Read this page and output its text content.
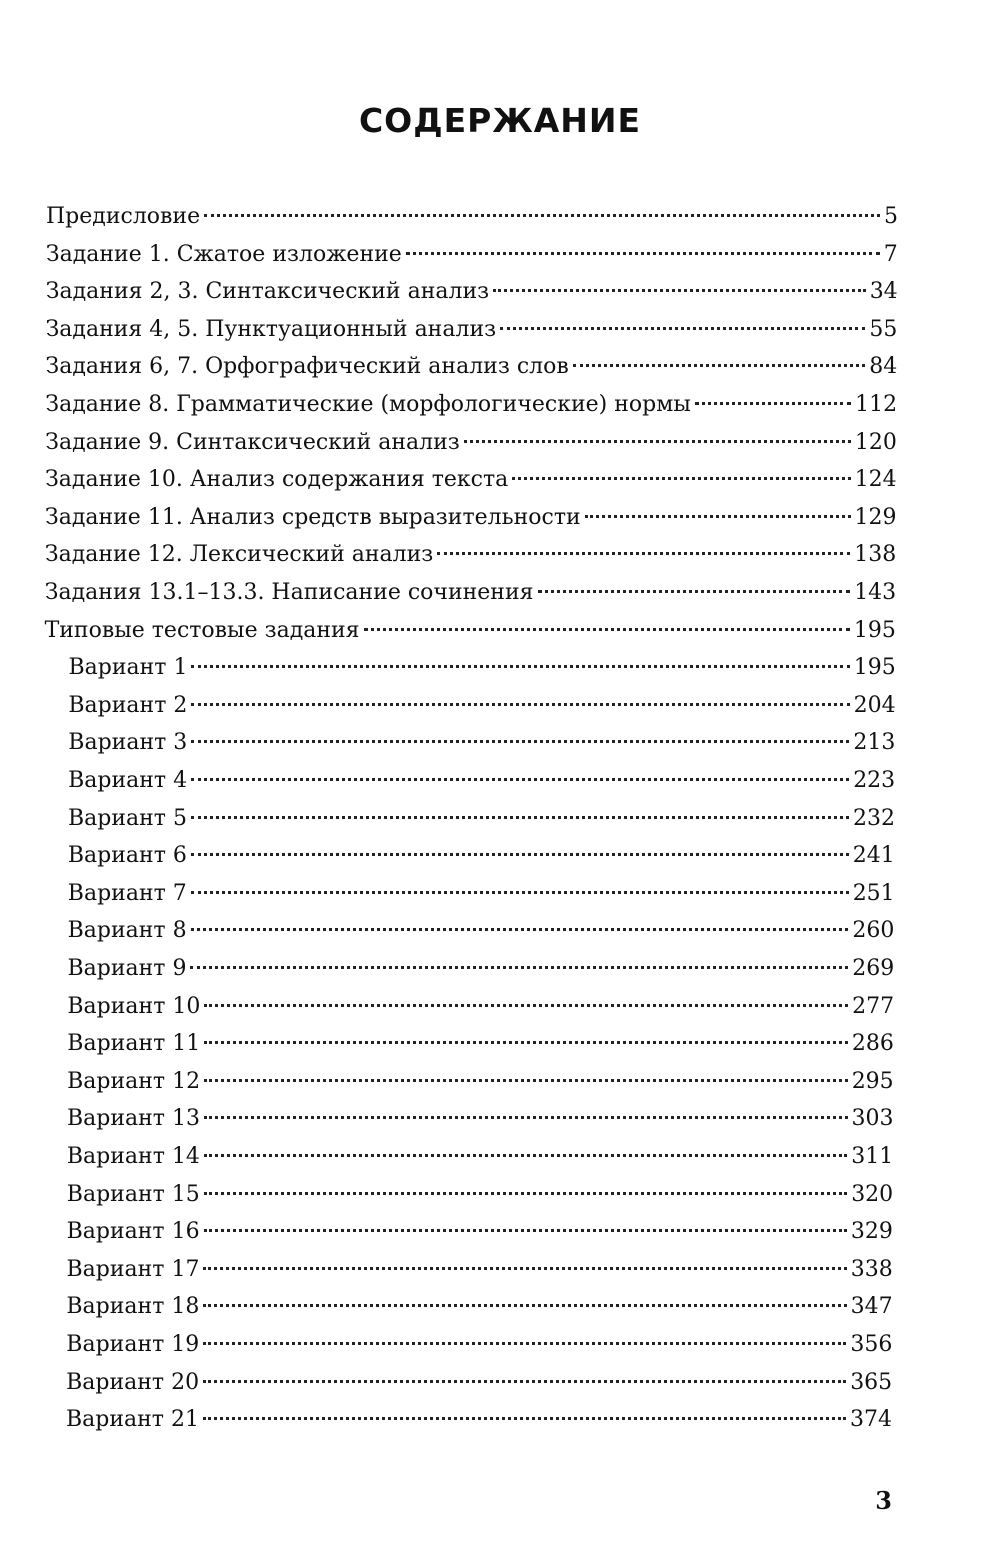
СОДЕРЖАНИЕ
Предисловие	5
Задание 1. Сжатое изложение	7
Задания 2, 3. Синтаксический анализ	34
Задания 4, 5. Пунктуационный анализ	55
Задания 6, 7. Орфографический анализ слов	84
Задание 8. Грамматические (морфологические) нормы	112
Задание 9. Синтаксический анализ	120
Задание 10. Анализ содержания текста	124
Задание 11. Анализ средств выразительности	129
Задание 12. Лексический анализ	138
Задания 13.1–13.3. Написание сочинения	143
Типовые тестовые задания	195
Вариант 1	195
Вариант 2	204
Вариант 3	213
Вариант 4	223
Вариант 5	232
Вариант 6	241
Вариант 7	251
Вариант 8	260
Вариант 9	269
Вариант 10	277
Вариант 11	286
Вариант 12	295
Вариант 13	303
Вариант 14	311
Вариант 15	320
Вариант 16	329
Вариант 17	338
Вариант 18	347
Вариант 19	356
Вариант 20	365
Вариант 21	374
3
